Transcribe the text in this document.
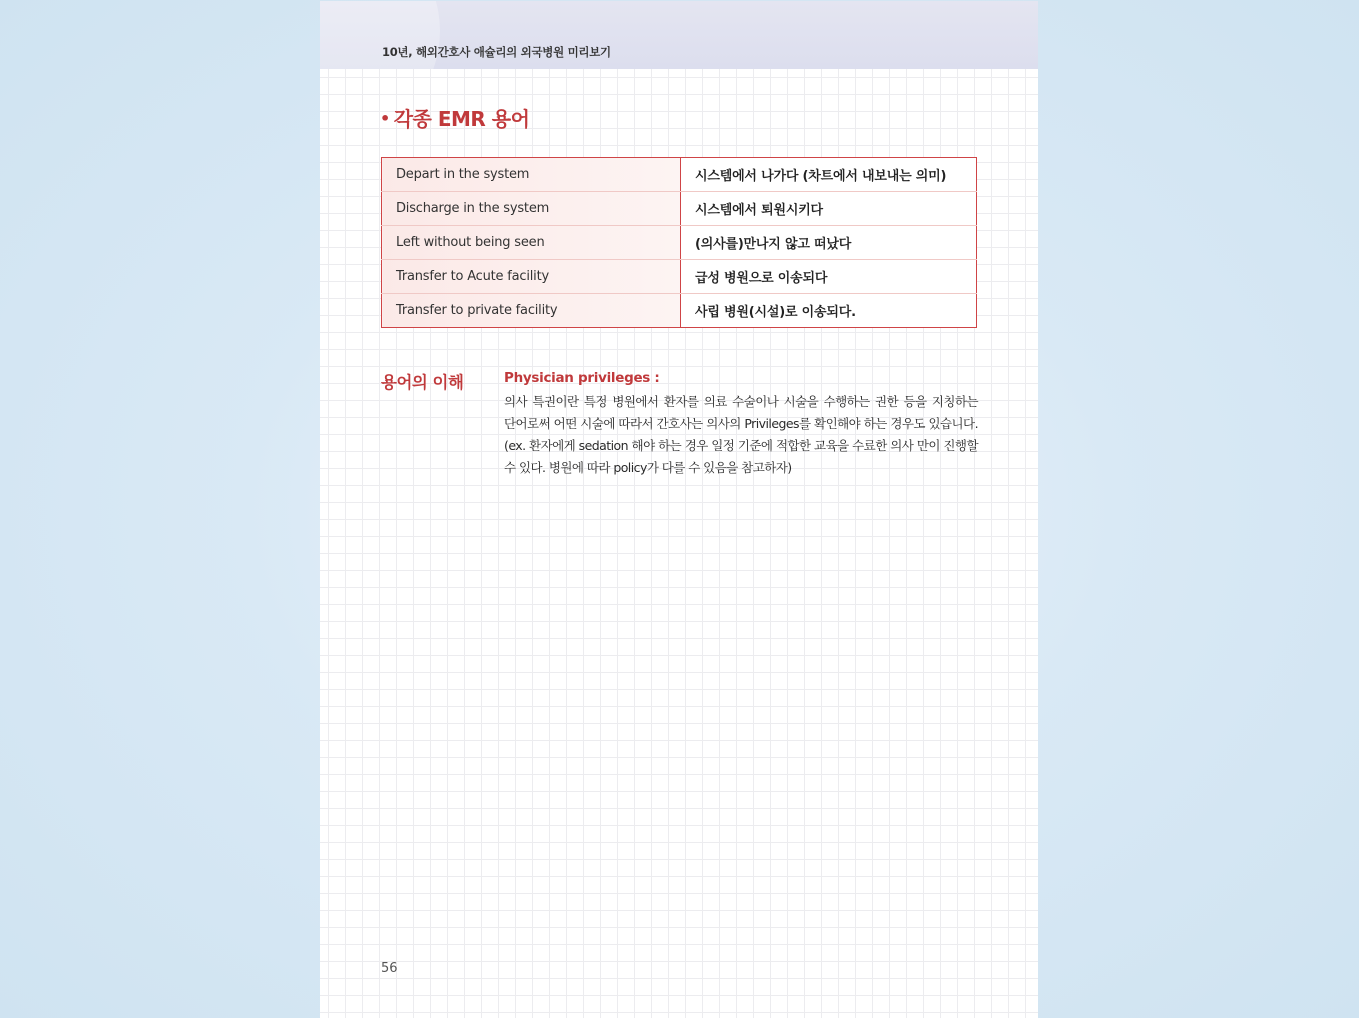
10년, 해외간호사 애슐리의 외국병원 미리보기
• 각종 EMR 용어
Depart in the system	시스템에서 나가다 (차트에서 내보내는 의미)
Discharge in the system	시스템에서 퇴원시키다
Left without being seen	(의사를)만나지 않고 떠났다
Transfer to Acute facility	급성 병원으로 이송되다
Transfer to private facility	사립 병원(시설)로 이송되다.
용어의 이해	Physician privileges :
의사 특권이란 특정 병원에서 환자를 의료 수술이나 시술을 수행하는 권한 등을 지칭하는 단어로써 어떤 시술에 따라서 간호사는 의사의 Privileges를 확인해야 하는 경우도 있습니다. (ex. 환자에게 sedation 해야 하는 경우 일정 기준에 적합한 교육을 수료한 의사 만이 진행할 수 있다. 병원에 따라 policy가 다를 수 있음을 참고하자)
56
